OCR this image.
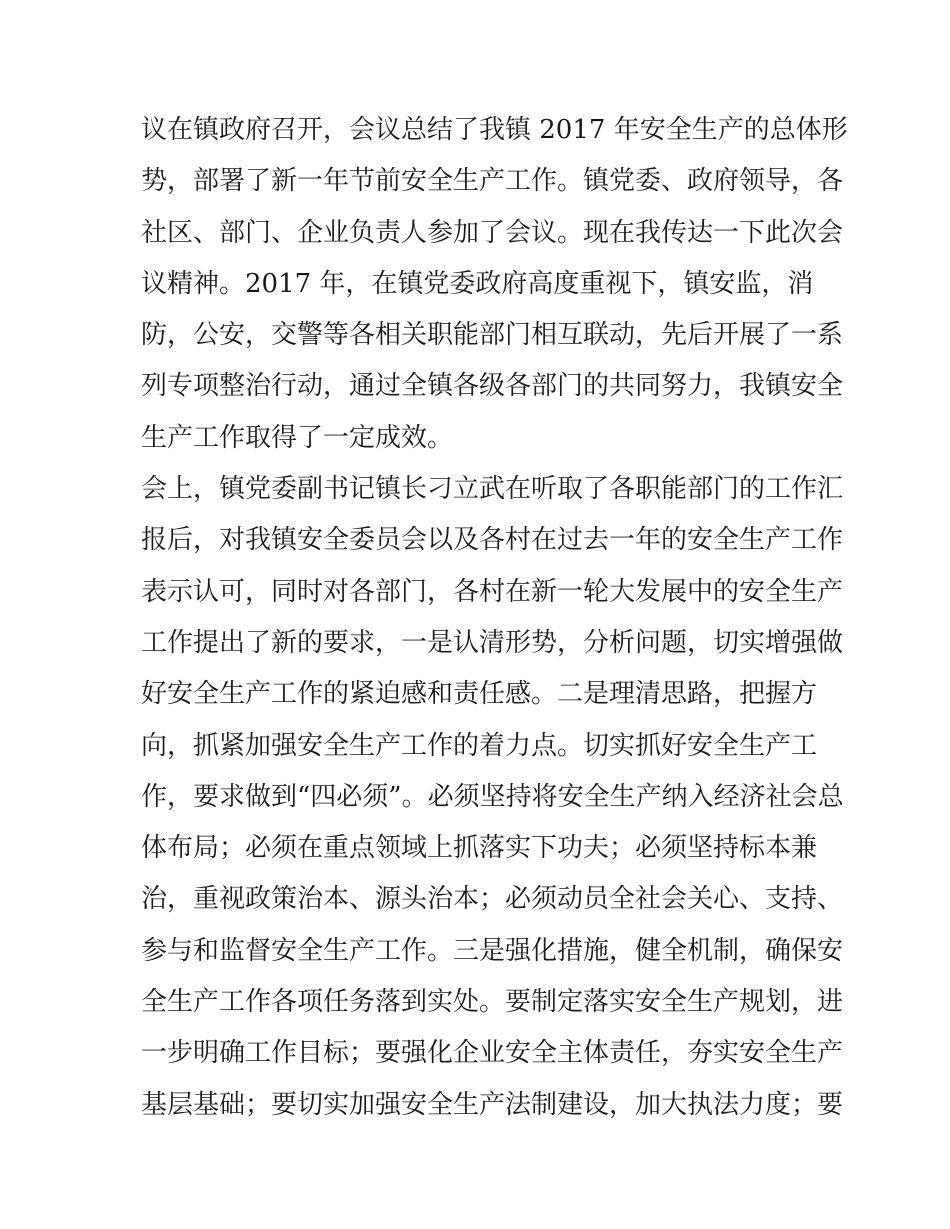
议在镇政府召开，会议总结了我镇 2017 年安全生产的总体形
势，部署了新一年节前安全生产工作。镇党委、政府领导，各
社区、部门、企业负责人参加了会议。现在我传达一下此次会
议精神。2017 年，在镇党委政府高度重视下，镇安监，消
防，公安，交警等各相关职能部门相互联动，先后开展了一系
列专项整治行动，通过全镇各级各部门的共同努力，我镇安全
生产工作取得了一定成效。
会上，镇党委副书记镇长刁立武在听取了各职能部门的工作汇
报后，对我镇安全委员会以及各村在过去一年的安全生产工作
表示认可，同时对各部门，各村在新一轮大发展中的安全生产
工作提出了新的要求，一是认清形势，分析问题，切实增强做
好安全生产工作的紧迫感和责任感。二是理清思路，把握方
向，抓紧加强安全生产工作的着力点。切实抓好安全生产工
作，要求做到“四必须”。必须坚持将安全生产纳入经济社会总
体布局；必须在重点领域上抓落实下功夫；必须坚持标本兼
治，重视政策治本、源头治本；必须动员全社会关心、支持、
参与和监督安全生产工作。三是强化措施，健全机制，确保安
全生产工作各项任务落到实处。要制定落实安全生产规划，进
一步明确工作目标；要强化企业安全主体责任，夯实安全生产
基层基础；要切实加强安全生产法制建设，加大执法力度；要
